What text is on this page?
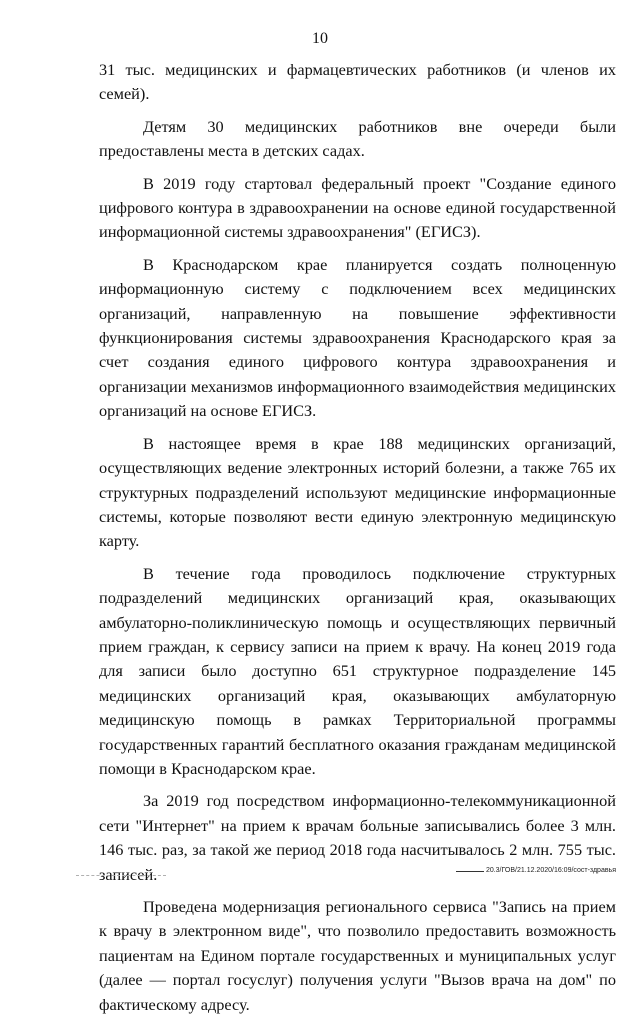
10

31 тыс. медицинских и фармацевтических работников (и членов их семей).

Детям 30 медицинских работников вне очереди были предоставлены места в детских садах.

В 2019 году стартовал федеральный проект "Создание единого цифрового контура в здравоохранении на основе единой государственной информационной системы здравоохранения" (ЕГИСЗ).

В Краснодарском крае планируется создать полноценную информационную систему с подключением всех медицинских организаций, направленную на повышение эффективности функционирования системы здравоохранения Краснодарского края за счет создания единого цифрового контура здравоохранения и организации механизмов информационного взаимодействия медицинских организаций на основе ЕГИСЗ.

В настоящее время в крае 188 медицинских организаций, осуществляющих ведение электронных историй болезни, а также 765 их структурных подразделений используют медицинские информационные системы, которые позволяют вести единую электронную медицинскую карту.

В течение года проводилось подключение структурных подразделений медицинских организаций края, оказывающих амбулаторно-поликлиническую помощь и осуществляющих первичный прием граждан, к сервису записи на прием к врачу. На конец 2019 года для записи было доступно 651 структурное подразделение 145 медицинских организаций края, оказывающих амбулаторную медицинскую помощь в рамках Территориальной программы государственных гарантий бесплатного оказания гражданам медицинской помощи в Краснодарском крае.

За 2019 год посредством информационно-телекоммуникационной сети "Интернет" на прием к врачам больные записывались более 3 млн. 146 тыс. раз, за такой же период 2018 года насчитывалось 2 млн. 755 тыс. записей.

Проведена модернизация регионального сервиса "Запись на прием к врачу в электронном виде", что позволило предоставить возможность пациентам на Едином портале государственных и муниципальных услуг (далее — портал госуслуг) получения услуги "Вызов врача на дом" по фактическому адресу.

20.3/ГОВ/21.12.2020/16:09/сост-здравья
